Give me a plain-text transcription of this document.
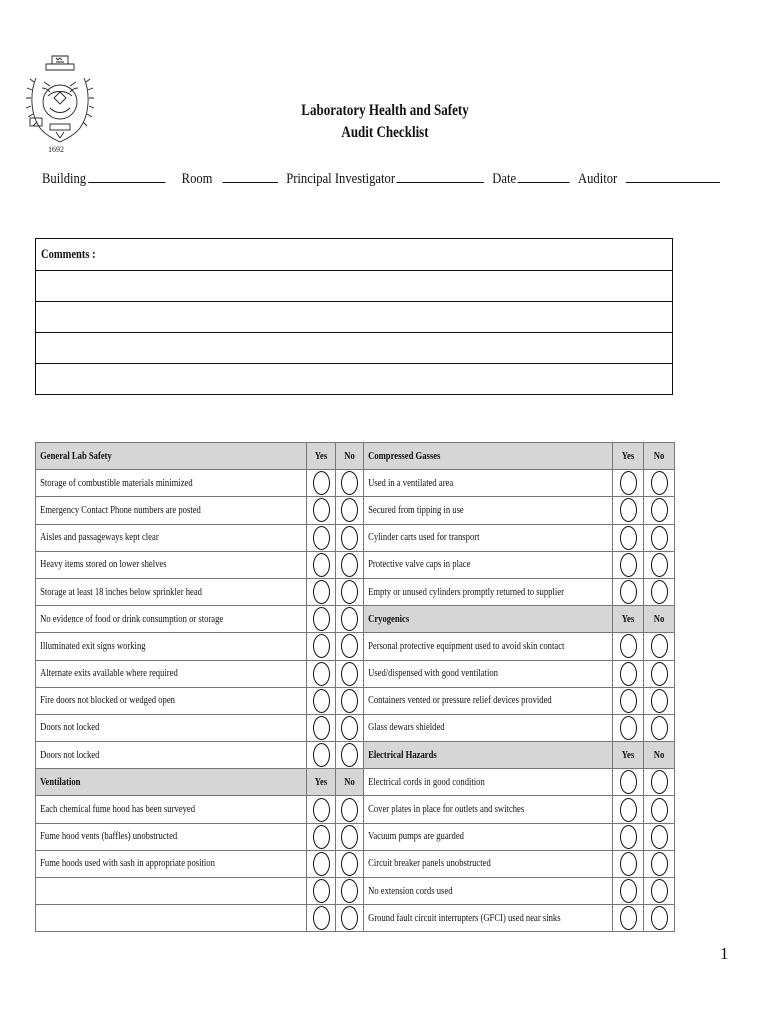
1692
Laboratory Health and Safety
Audit Checklist
Building	Room	Principal Investigator	Date	Auditor
Comments :
General Lab Safety	Yes	No	Compressed Gasses	Yes	No

Storage of combustible materials minimized			Used in a ventilated area		

Emergency Contact Phone numbers are posted			Secured from tipping in use		

Aisles and passageways kept clear			Cylinder carts used for transport		

Heavy items stored on lower shelves			Protective valve caps in place		

Storage at least 18 inches below sprinkler head			Empty or unused cylinders promptly returned to supplier		

No evidence of food or drink consumption or storage			Cryogenics	Yes	No

Illuminated exit signs working			Personal protective equipment used to avoid skin contact		

Alternate exits available where required			Used/dispensed with good ventilation		

Fire doors not blocked or wedged open			Containers vented or pressure relief devices provided		

Doors not locked			Glass dewars shielded		

Doors not locked			Electrical Hazards	Yes	No

Ventilation	Yes	No	Electrical cords in good condition		

Each chemical fume hood has been surveyed			Cover plates in place for outlets and switches		

Fume hood vents (baffles) unobstructed			Vacuum pumps are guarded		

Fume hoods used with sash in appropriate position			Circuit breaker panels unobstructed		

			No extension cords used		

			Ground fault circuit interrupters (GFCI) used near sinks		

1
